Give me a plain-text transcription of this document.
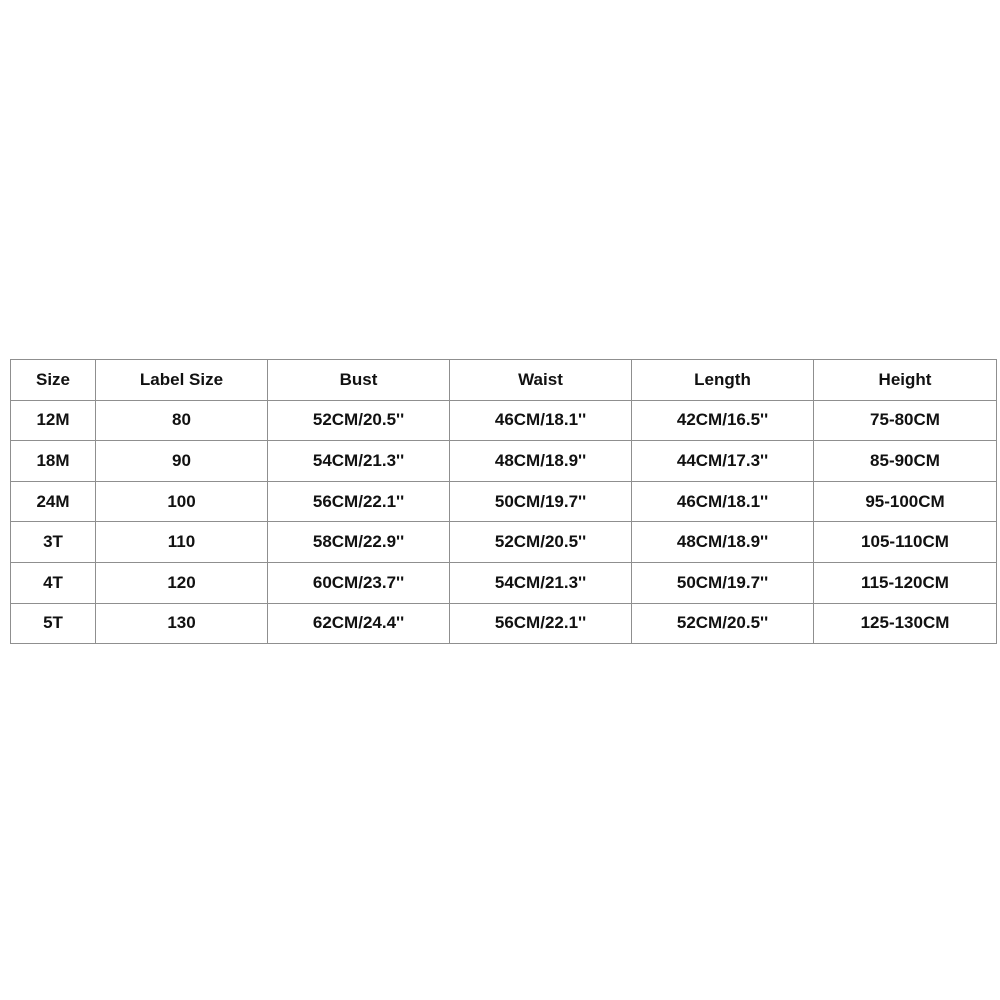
Size	Label Size	Bust	Waist	Length	Height
12M	80	52CM/20.5''	46CM/18.1''	42CM/16.5''	75-80CM
18M	90	54CM/21.3''	48CM/18.9''	44CM/17.3''	85-90CM
24M	100	56CM/22.1''	50CM/19.7''	46CM/18.1''	95-100CM
3T	110	58CM/22.9''	52CM/20.5''	48CM/18.9''	105-110CM
4T	120	60CM/23.7''	54CM/21.3''	50CM/19.7''	115-120CM
5T	130	62CM/24.4''	56CM/22.1''	52CM/20.5''	125-130CM
